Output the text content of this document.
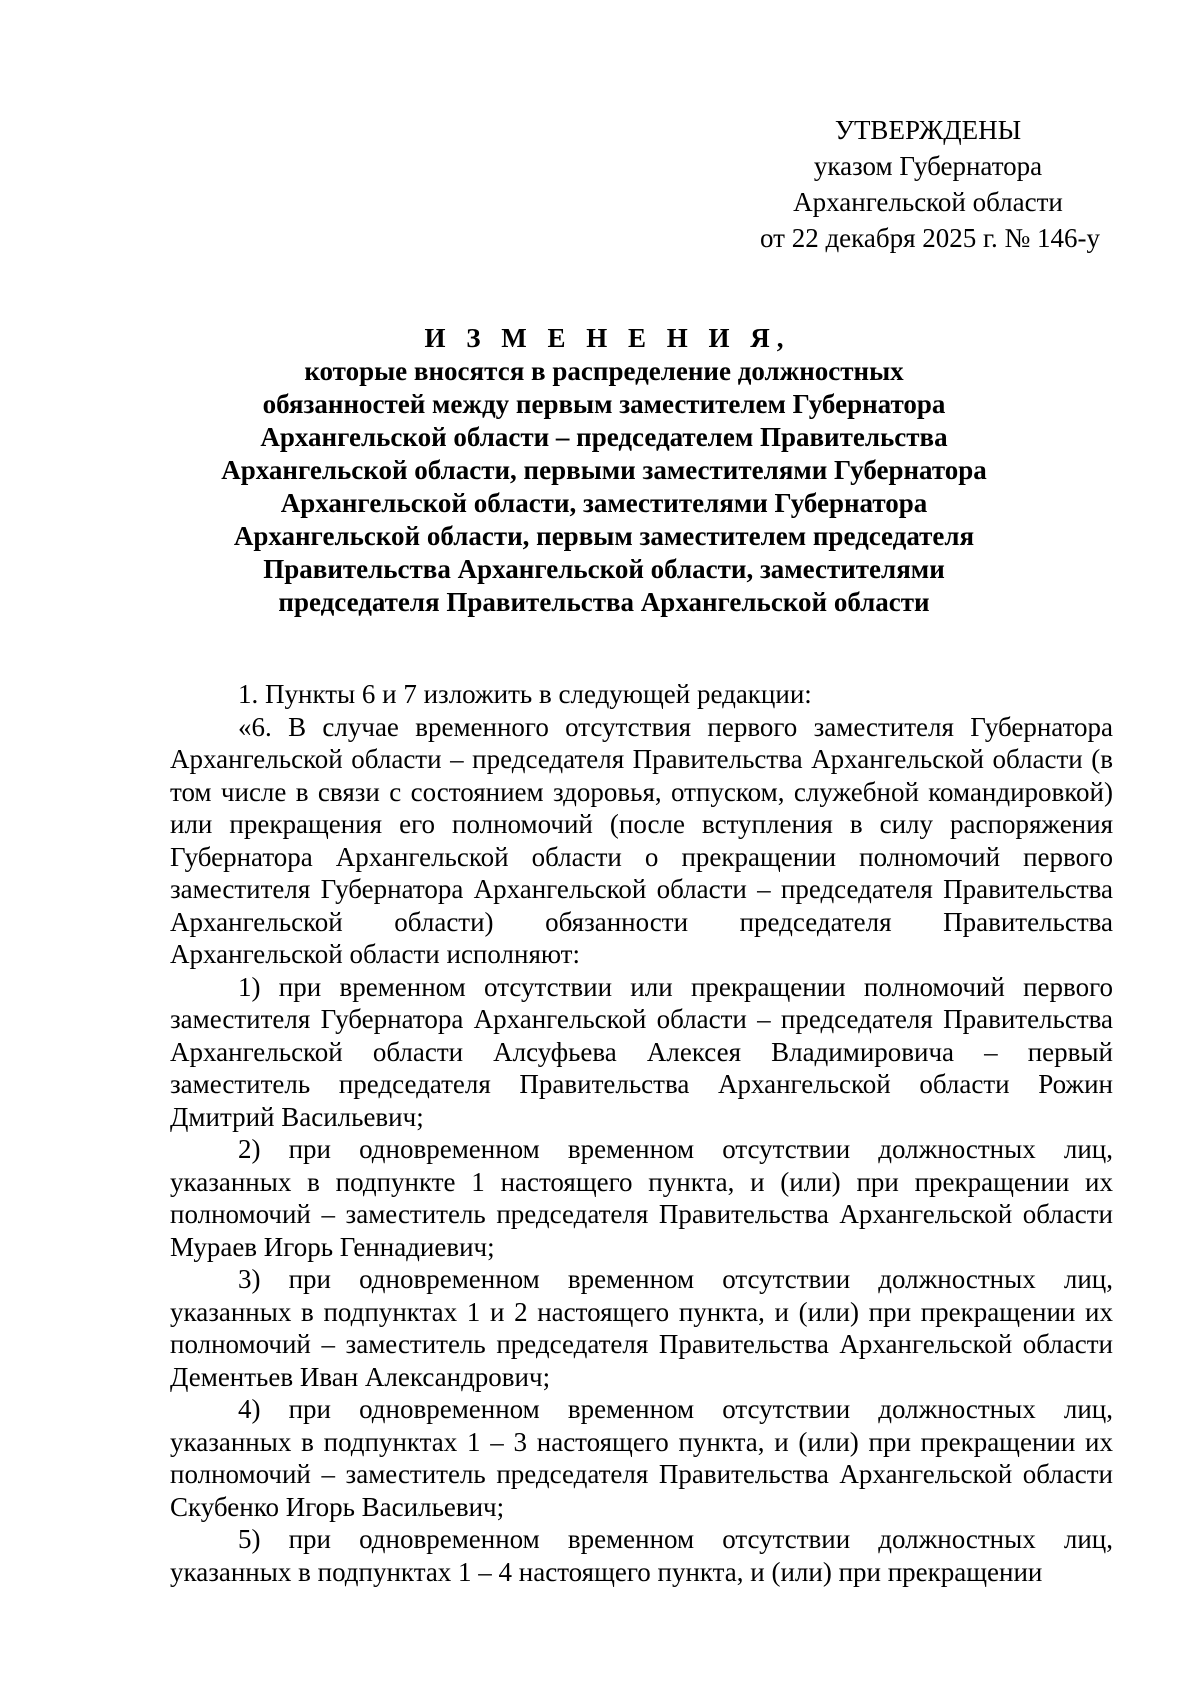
УТВЕРЖДЕНЫ
указом Губернатора
Архангельской области
от 22 декабря 2025 г. № 146-у
И З М Е Н Е Н И Я,
которые вносятся в распределение должностных
обязанностей между первым заместителем Губернатора
Архангельской области – председателем Правительства
Архангельской области, первыми заместителями Губернатора
Архангельской области, заместителями Губернатора
Архангельской области, первым заместителем председателя
Правительства Архангельской области, заместителями
председателя Правительства Архангельской области

1. Пункты 6 и 7 изложить в следующей редакции:

«6. В случае временного отсутствия первого заместителя Губернатора Архангельской области – председателя Правительства Архангельской области (в том числе в связи с состоянием здоровья, отпуском, служебной командировкой) или прекращения его полномочий (после вступления в силу распоряжения Губернатора Архангельской области о прекращении полномочий первого заместителя Губернатора Архангельской области – председателя Правительства Архангельской области) обязанности председателя Правительства Архангельской области исполняют:

1) при временном отсутствии или прекращении полномочий первого заместителя Губернатора Архангельской области – председателя Правительства Архангельской области Алсуфьева Алексея Владимировича – первый заместитель председателя Правительства Архангельской области Рожин Дмитрий Васильевич;

2) при одновременном временном отсутствии должностных лиц, указанных в подпункте 1 настоящего пункта, и (или) при прекращении их полномочий – заместитель председателя Правительства Архангельской области Мураев Игорь Геннадиевич;

3) при одновременном временном отсутствии должностных лиц, указанных в подпунктах 1 и 2 настоящего пункта, и (или) при прекращении их полномочий – заместитель председателя Правительства Архангельской области Дементьев Иван Александрович;

4) при одновременном временном отсутствии должностных лиц, указанных в подпунктах 1 – 3 настоящего пункта, и (или) при прекращении их полномочий – заместитель председателя Правительства Архангельской области Скубенко Игорь Васильевич;

5) при одновременном временном отсутствии должностных лиц, указанных в подпунктах 1 – 4 настоящего пункта, и (или) при прекращении
